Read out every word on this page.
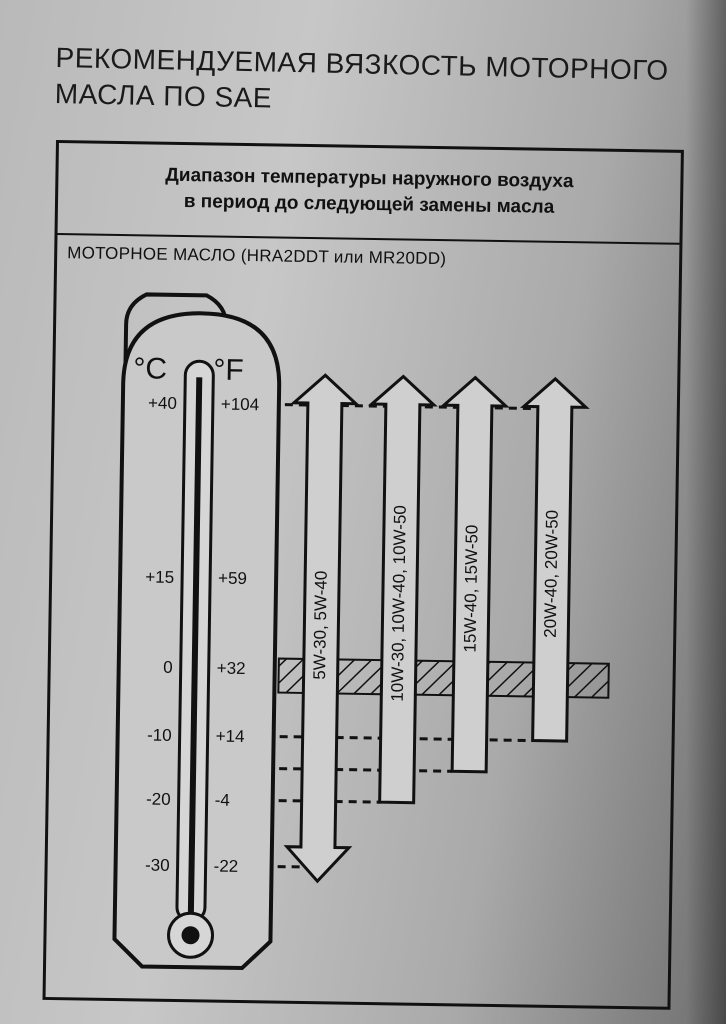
РЕКОМЕНДУЕМАЯ ВЯЗКОСТЬ МОТОРНОГО
МАСЛА ПО SAE
Диапазон температуры наружного воздуха
в период до следующей замены масла
МОТОРНОЕ МАСЛО (HRA2DDT или MR20DD)
°C °F
+40
+15
0
-10
-20
-30
+104
+59
+32
+14
-4
-22
5W-30, 5W-40	10W-30, 10W-40, 10W-50	15W-40, 15W-50	20W-40, 20W-50
